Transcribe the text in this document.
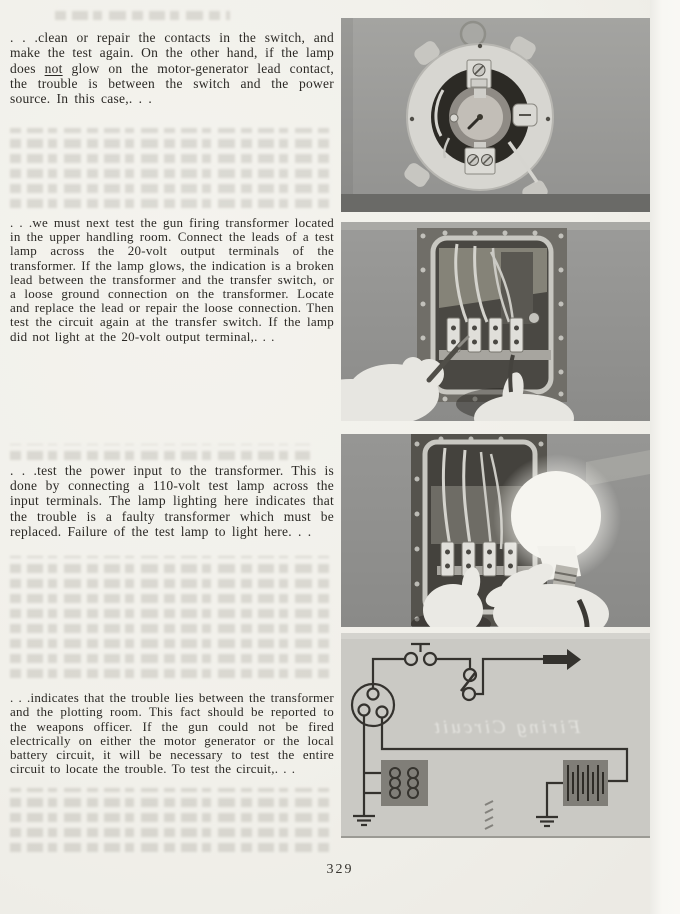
. . .clean or repair the contacts in the switch, and make the test again. On the other hand, if the lamp does not glow on the motor-generator lead contact, the trouble is between the switch and the power source. In this case,. . .
. . .we must next test the gun firing transformer located in the upper handling room. Connect the leads of a test lamp across the 20-volt output terminals of the transformer. If the lamp glows, the indication is a broken lead between the transformer and the transfer switch, or a loose ground connection on the transformer. Locate and replace the lead or repair the loose connection. Then test the circuit again at the transfer switch. If the lamp did not light at the 20-volt output terminal,. . .
. . .test the power input to the transformer. This is done by connecting a 110-volt test lamp across the input terminals. The lamp lighting here indicates that the trouble is a faulty transformer which must be replaced. Failure of the test lamp to light here. . .
. . .indicates that the trouble lies between the transformer and the plotting room. This fact should be reported to the weapons officer. If the gun could not be fired electrically on either the motor generator or the local battery circuit, it will be necessary to test the entire circuit to locate the trouble. To test the circuit,. . .
Firing Circuit
329
